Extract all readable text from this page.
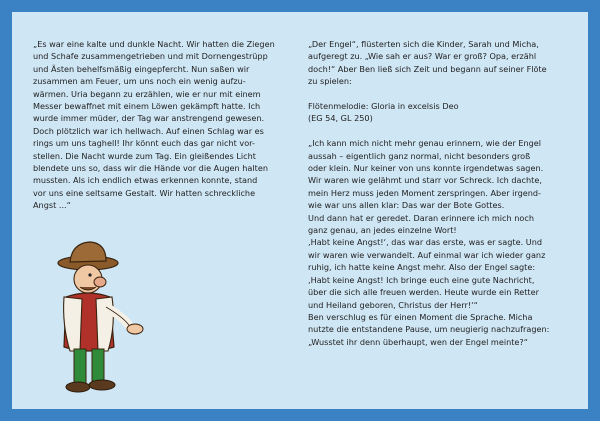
„Es war eine kalte und dunkle Nacht. Wir hatten die Ziegen
und Schafe zusammengetrieben und mit Dornengestrüpp
und Ästen behelfsmäßig eingepfercht. Nun saßen wir
zusammen am Feuer, um uns noch ein wenig aufzu-
wärmen. Uria begann zu erzählen, wie er nur mit einem
Messer bewaffnet mit einem Löwen gekämpft hatte. Ich
wurde immer müder, der Tag war anstrengend gewesen.
Doch plötzlich war ich hellwach. Auf einen Schlag war es
rings um uns taghell! Ihr könnt euch das gar nicht vor-
stellen. Die Nacht wurde zum Tag. Ein gleißendes Licht
blendete uns so, dass wir die Hände vor die Augen halten
mussten. Als ich endlich etwas erkennen konnte, stand
vor uns eine seltsame Gestalt. Wir hatten schreckliche
Angst ...“

„Der Engel“, flüsterten sich die Kinder, Sarah und Micha,
aufgeregt zu. „Wie sah er aus? War er groß? Opa, erzähl
doch!“ Aber Ben ließ sich Zeit und begann auf seiner Flöte
zu spielen:

Flötenmelodie: Gloria in excelsis Deo

(EG 54, GL 250)

„Ich kann mich nicht mehr genau erinnern, wie der Engel
aussah – eigentlich ganz normal, nicht besonders groß
oder klein. Nur keiner von uns konnte irgendetwas sagen.
Wir waren wie gelähmt und starr vor Schreck. Ich dachte,
mein Herz muss jeden Moment zerspringen. Aber irgend-
wie war uns allen klar: Das war der Bote Gottes.
Und dann hat er geredet. Daran erinnere ich mich noch
ganz genau, an jedes einzelne Wort!
‚Habt keine Angst!‘, das war das erste, was er sagte. Und
wir waren wie verwandelt. Auf einmal war ich wieder ganz
ruhig, ich hatte keine Angst mehr. Also der Engel sagte:
‚Habt keine Angst! Ich bringe euch eine gute Nachricht,
über die sich alle freuen werden. Heute wurde ein Retter
und Heiland geboren, Christus der Herr!‘“
Ben verschlug es für einen Moment die Sprache. Micha
nutzte die entstandene Pause, um neugierig nachzufragen:
„Wusstet ihr denn überhaupt, wen der Engel meinte?“
